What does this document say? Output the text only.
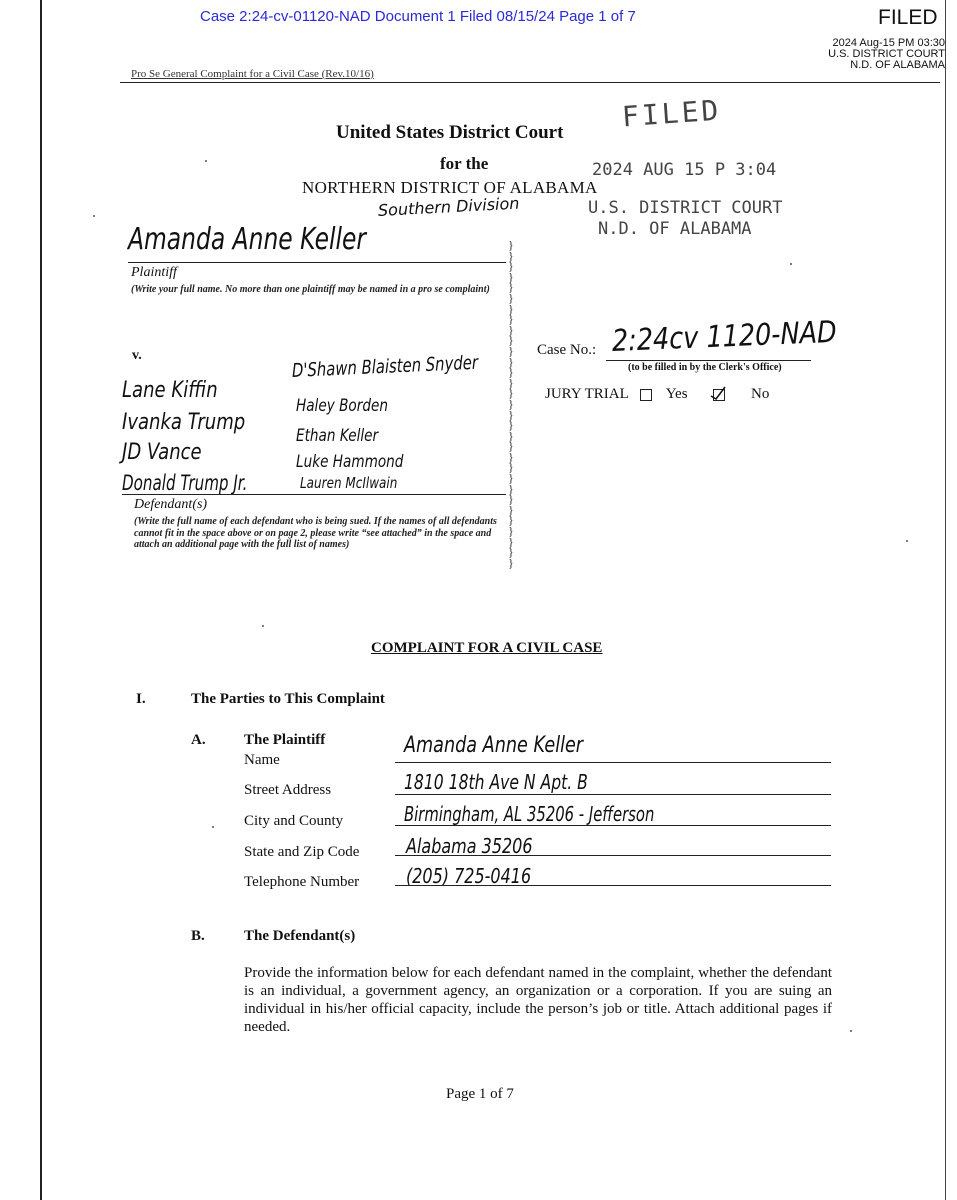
Case 2:24-cv-01120-NAD Document 1 Filed 08/15/24 Page 1 of 7	FILED
2024 Aug-15 PM 03:30
U.S. DISTRICT COURT
N.D. OF ALABAMA
Pro Se General Complaint for a Civil Case (Rev.10/16)
United States District Court
for the
NORTHERN DISTRICT OF ALABAMA
Southern Division
FILED
2024 AUG 15 P 3:04
U.S. DISTRICT COURT
N.D. OF ALABAMA
Amanda Anne Keller
Plaintiff
(Write your full name. No more than one plaintiff may be named in a pro se complaint)
v.
Lane Kiffin
Ivanka Trump
JD Vance
Donald Trump Jr.
D'Shawn Blaisten Snyder
Haley Borden
Ethan Keller
Luke Hammond
Lauren McIlwain
Defendant(s)
(Write the full name of each defendant who is being sued. If the names of all defendants cannot fit in the space above or on page 2, please write “see attached” in the space and attach an additional page with the full list of names)
}
}
}
}
}
}
}
}
}
}
}
}
}
}
}
}
}
}
}
}
}
}
}
}
}
}
}
}
}
}
}
Case No.: 2:24cv 1120-NAD
(to be filled in by the Clerk's Office)
JURY TRIAL	Yes	No
COMPLAINT FOR A CIVIL CASE
I.	The Parties to This Complaint
A.	The Plaintiff
Name
Amanda Anne Keller
Street Address	1810 18th Ave N Apt. B
City and County	Birmingham, AL 35206 - Jefferson
State and Zip Code Alabama 35206
Telephone Number (205) 725-0416
B.	The Defendant(s)
Provide the information below for each defendant named in the complaint, whether the defendant is an individual, a government agency, an organization or a corporation. If you are suing an individual in his/her official capacity, include the person’s job or title. Attach additional pages if needed.
Page 1 of 7
